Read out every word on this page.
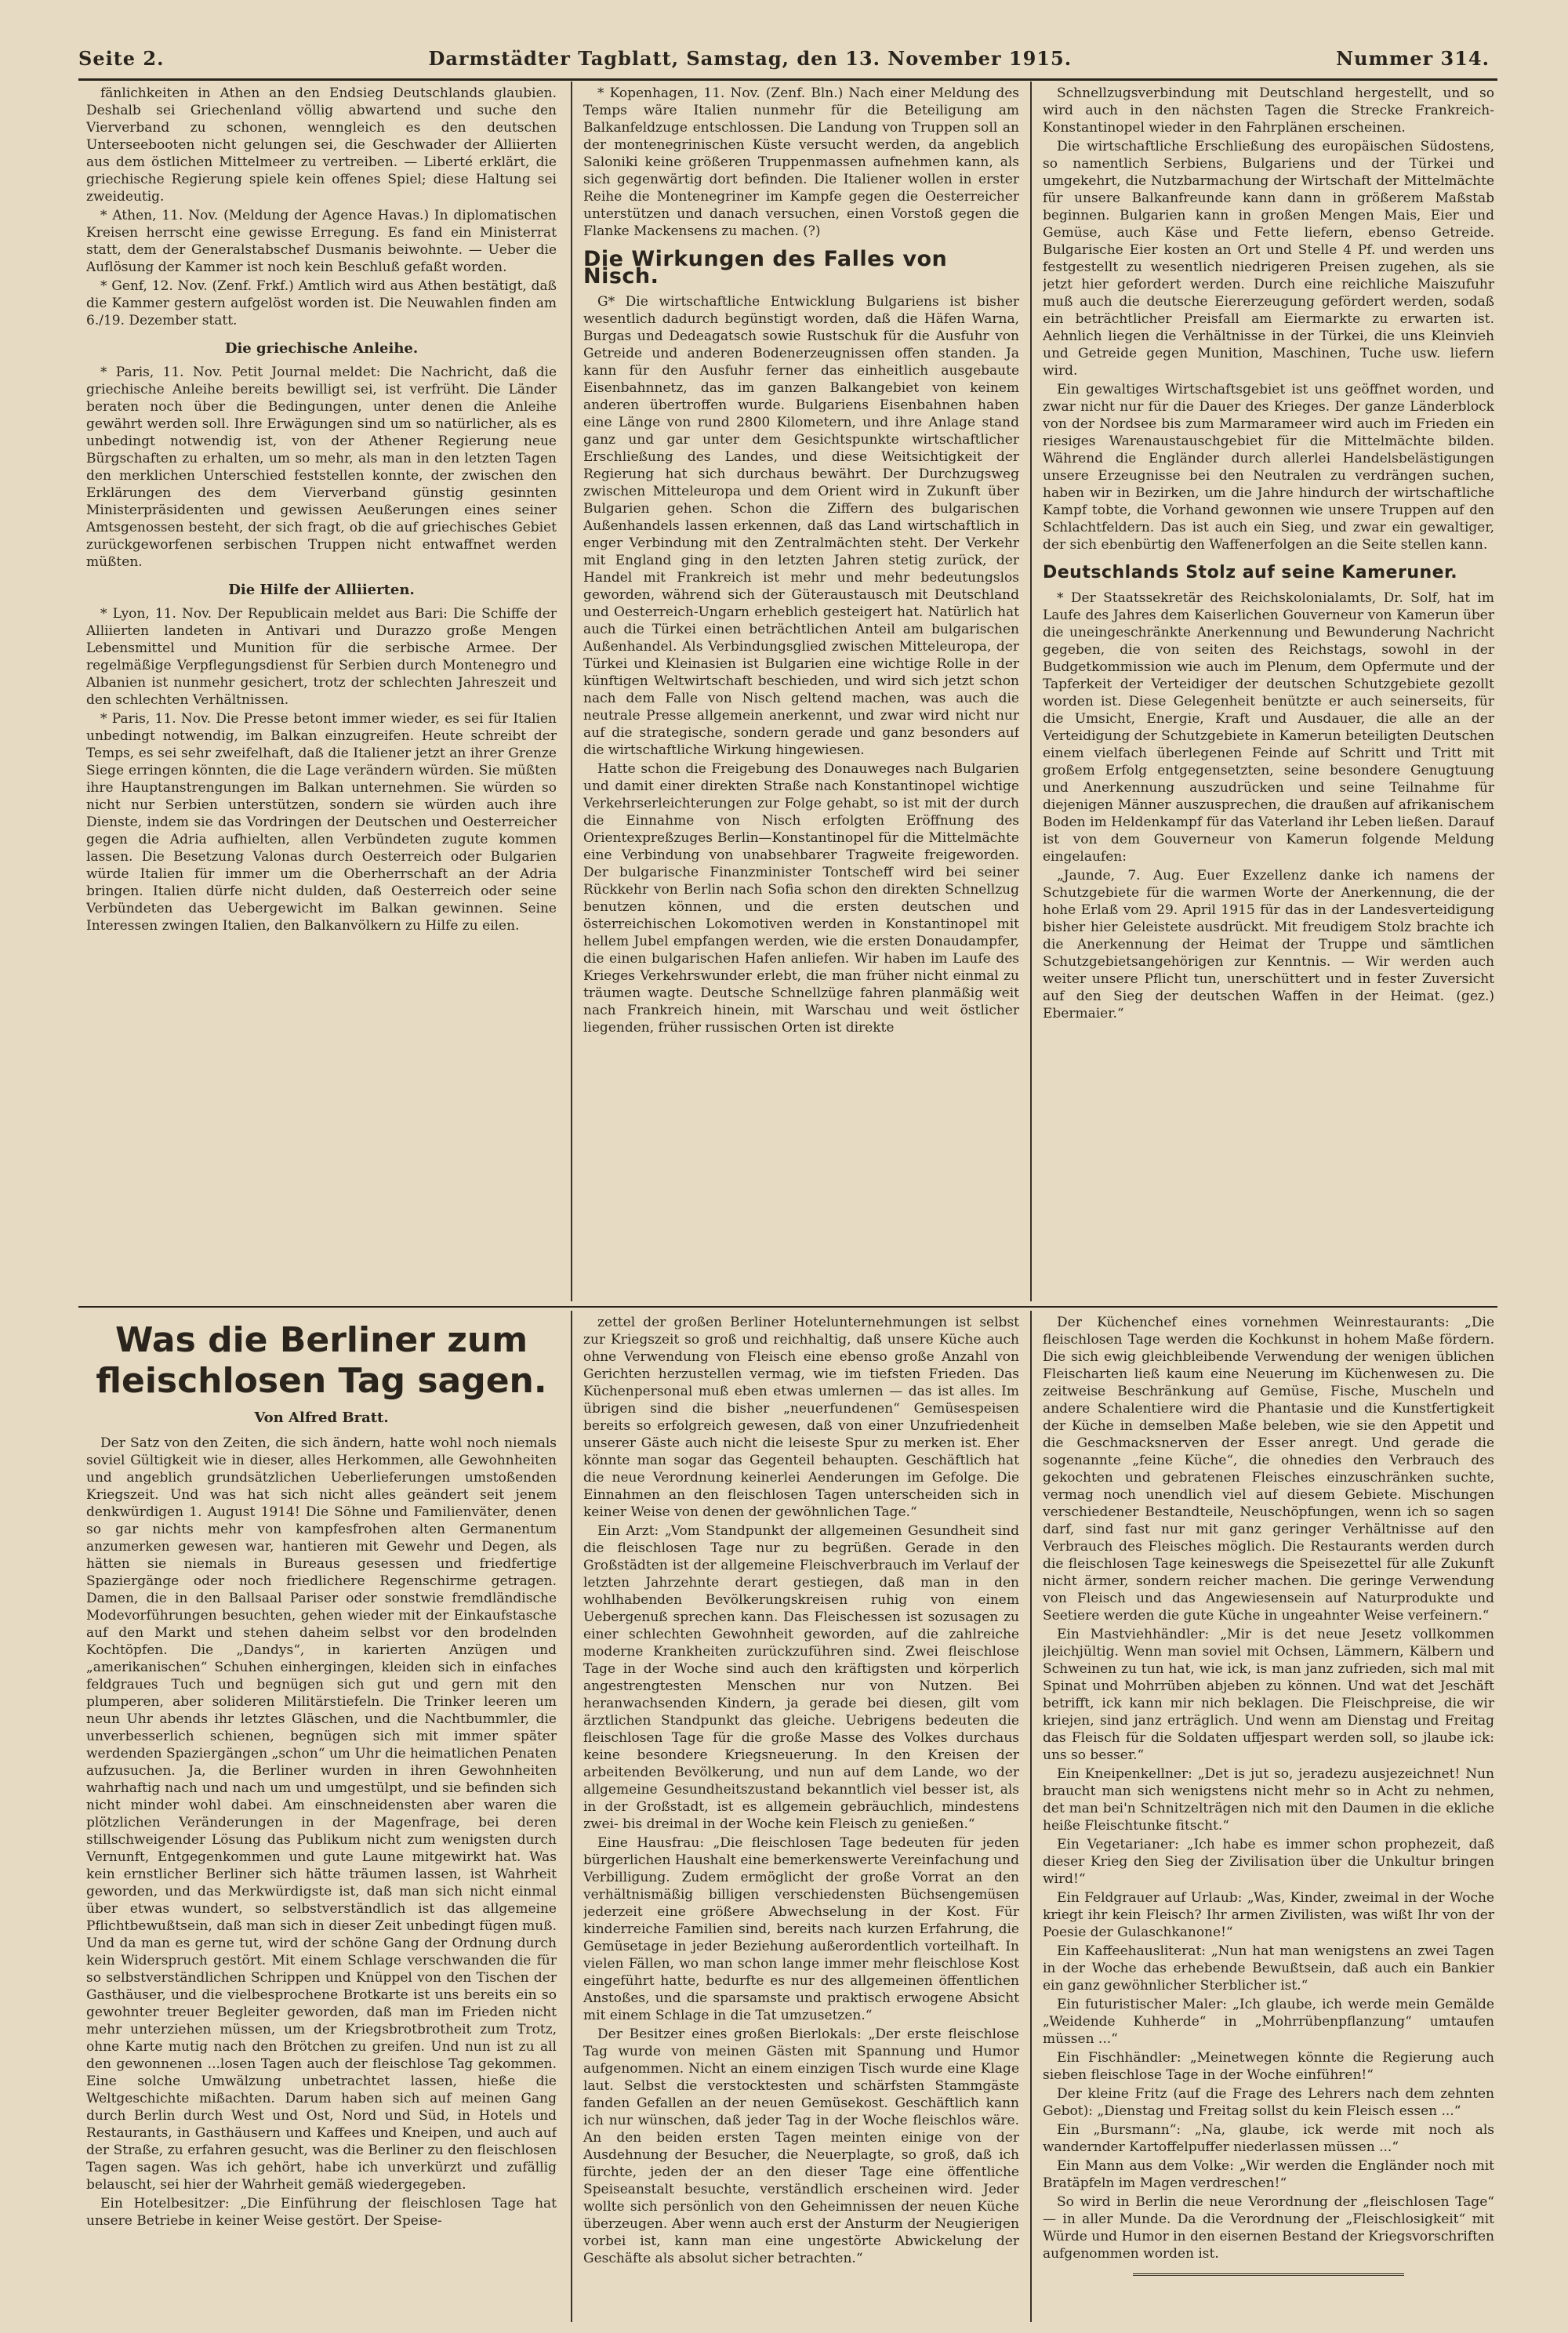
Seite 2.	Darmstädter Tagblatt, Samstag, den 13. November 1915.	Nummer 314.

fänlichkeiten in Athen an den Endsieg Deutschlands glaubien. Deshalb sei Griechenland völlig abwartend und suche den Vierverband zu schonen, wenngleich es den deutschen Unterseebooten nicht gelungen sei, die Geschwader der Alliierten aus dem östlichen Mittelmeer zu vertreiben. — Liberté erklärt, die griechische Regierung spiele kein offenes Spiel; diese Haltung sei zweideutig.

* Athen, 11. Nov. (Meldung der Agence Havas.) In diplomatischen Kreisen herrscht eine gewisse Erregung. Es fand ein Ministerrat statt, dem der Generalstabschef Dusmanis beiwohnte. — Ueber die Auflösung der Kammer ist noch kein Beschluß gefaßt worden.

* Genf, 12. Nov. (Zenf. Frkf.) Amtlich wird aus Athen bestätigt, daß die Kammer gestern aufgelöst worden ist. Die Neuwahlen finden am 6./19. Dezember statt.

Die griechische Anleihe.

* Paris, 11. Nov. Petit Journal meldet: Die Nachricht, daß die griechische Anleihe bereits bewilligt sei, ist verfrüht. Die Länder beraten noch über die Bedingungen, unter denen die Anleihe gewährt werden soll. Ihre Erwägungen sind um so natürlicher, als es unbedingt notwendig ist, von der Athener Regierung neue Bürgschaften zu erhalten, um so mehr, als man in den letzten Tagen den merklichen Unterschied feststellen konnte, der zwischen den Erklärungen des dem Vierverband günstig gesinnten Ministerpräsidenten und gewissen Aeußerungen eines seiner Amtsgenossen besteht, der sich fragt, ob die auf griechisches Gebiet zurückgeworfenen serbischen Truppen nicht entwaffnet werden müßten.

Die Hilfe der Alliierten.

* Lyon, 11. Nov. Der Republicain meldet aus Bari: Die Schiffe der Alliierten landeten in Antivari und Durazzo große Mengen Lebensmittel und Munition für die serbische Armee. Der regelmäßige Verpflegungsdienst für Serbien durch Montenegro und Albanien ist nunmehr gesichert, trotz der schlechten Jahreszeit und den schlechten Verhältnissen.

* Paris, 11. Nov. Die Presse betont immer wieder, es sei für Italien unbedingt notwendig, im Balkan einzugreifen. Heute schreibt der Temps, es sei sehr zweifelhaft, daß die Italiener jetzt an ihrer Grenze Siege erringen könnten, die die Lage verändern würden. Sie müßten ihre Hauptanstrengungen im Balkan unternehmen. Sie würden so nicht nur Serbien unterstützen, sondern sie würden auch ihre Dienste, indem sie das Vordringen der Deutschen und Oesterreicher gegen die Adria aufhielten, allen Verbündeten zugute kommen lassen. Die Besetzung Valonas durch Oesterreich oder Bulgarien würde Italien für immer um die Oberherrschaft an der Adria bringen. Italien dürfe nicht dulden, daß Oesterreich oder seine Verbündeten das Uebergewicht im Balkan gewinnen. Seine Interessen zwingen Italien, den Balkanvölkern zu Hilfe zu eilen.

* Kopenhagen, 11. Nov. (Zenf. Bln.) Nach einer Meldung des Temps wäre Italien nunmehr für die Beteiligung am Balkanfeldzuge entschlossen. Die Landung von Truppen soll an der montenegrinischen Küste versucht werden, da angeblich Saloniki keine größeren Truppenmassen aufnehmen kann, als sich gegenwärtig dort befinden. Die Italiener wollen in erster Reihe die Montenegriner im Kampfe gegen die Oesterreicher unterstützen und danach versuchen, einen Vorstoß gegen die Flanke Mackensens zu machen. (?)

Die Wirkungen des Falles von Nisch.

G* Die wirtschaftliche Entwicklung Bulgariens ist bisher wesentlich dadurch begünstigt worden, daß die Häfen Warna, Burgas und Dedeagatsch sowie Rustschuk für die Ausfuhr von Getreide und anderen Bodenerzeugnissen offen standen. Ja kann für den Ausfuhr ferner das einheitlich ausgebaute Eisenbahnnetz, das im ganzen Balkangebiet von keinem anderen übertroffen wurde. Bulgariens Eisenbahnen haben eine Länge von rund 2800 Kilometern, und ihre Anlage stand ganz und gar unter dem Gesichtspunkte wirtschaftlicher Erschließung des Landes, und diese Weitsichtigkeit der Regierung hat sich durchaus bewährt. Der Durchzugsweg zwischen Mitteleuropa und dem Orient wird in Zukunft über Bulgarien gehen. Schon die Ziffern des bulgarischen Außenhandels lassen erkennen, daß das Land wirtschaftlich in enger Verbindung mit den Zentralmächten steht. Der Verkehr mit England ging in den letzten Jahren stetig zurück, der Handel mit Frankreich ist mehr und mehr bedeutungslos geworden, während sich der Güteraustausch mit Deutschland und Oesterreich-Ungarn erheblich gesteigert hat. Natürlich hat auch die Türkei einen beträchtlichen Anteil am bulgarischen Außenhandel. Als Verbindungsglied zwischen Mitteleuropa, der Türkei und Kleinasien ist Bulgarien eine wichtige Rolle in der künftigen Weltwirtschaft beschieden, und wird sich jetzt schon nach dem Falle von Nisch geltend machen, was auch die neutrale Presse allgemein anerkennt, und zwar wird nicht nur auf die strategische, sondern gerade und ganz besonders auf die wirtschaftliche Wirkung hingewiesen.

Hatte schon die Freigebung des Donauweges nach Bulgarien und damit einer direkten Straße nach Konstantinopel wichtige Verkehrserleichterungen zur Folge gehabt, so ist mit der durch die Einnahme von Nisch erfolgten Eröffnung des Orientexpreßzuges Berlin—Konstantinopel für die Mittelmächte eine Verbindung von unabsehbarer Tragweite freigeworden. Der bulgarische Finanzminister Tontscheff wird bei seiner Rückkehr von Berlin nach Sofia schon den direkten Schnellzug benutzen können, und die ersten deutschen und österreichischen Lokomotiven werden in Konstantinopel mit hellem Jubel empfangen werden, wie die ersten Donaudampfer, die einen bulgarischen Hafen anliefen. Wir haben im Laufe des Krieges Verkehrswunder erlebt, die man früher nicht einmal zu träumen wagte. Deutsche Schnellzüge fahren planmäßig weit nach Frankreich hinein, mit Warschau und weit östlicher liegenden, früher russischen Orten ist direkte

Schnellzugsverbindung mit Deutschland hergestellt, und so wird auch in den nächsten Tagen die Strecke Frankreich-Konstantinopel wieder in den Fahrplänen erscheinen.

Die wirtschaftliche Erschließung des europäischen Südostens, so namentlich Serbiens, Bulgariens und der Türkei und umgekehrt, die Nutzbarmachung der Wirtschaft der Mittelmächte für unsere Balkanfreunde kann dann in größerem Maßstab beginnen. Bulgarien kann in großen Mengen Mais, Eier und Gemüse, auch Käse und Fette liefern, ebenso Getreide. Bulgarische Eier kosten an Ort und Stelle 4 Pf. und werden uns festgestellt zu wesentlich niedrigeren Preisen zugehen, als sie jetzt hier gefordert werden. Durch eine reichliche Maiszufuhr muß auch die deutsche Eiererzeugung gefördert werden, sodaß ein beträchtlicher Preisfall am Eiermarkte zu erwarten ist. Aehnlich liegen die Verhältnisse in der Türkei, die uns Kleinvieh und Getreide gegen Munition, Maschinen, Tuche usw. liefern wird.

Ein gewaltiges Wirtschaftsgebiet ist uns geöffnet worden, und zwar nicht nur für die Dauer des Krieges. Der ganze Länderblock von der Nordsee bis zum Marmarameer wird auch im Frieden ein riesiges Warenaustauschgebiet für die Mittelmächte bilden. Während die Engländer durch allerlei Handelsbelästigungen unsere Erzeugnisse bei den Neutralen zu verdrängen suchen, haben wir in Bezirken, um die Jahre hindurch der wirtschaftliche Kampf tobte, die Vorhand gewonnen wie unsere Truppen auf den Schlachtfeldern. Das ist auch ein Sieg, und zwar ein gewaltiger, der sich ebenbürtig den Waffenerfolgen an die Seite stellen kann.

Deutschlands Stolz auf seine Kameruner.

* Der Staatssekretär des Reichskolonialamts, Dr. Solf, hat im Laufe des Jahres dem Kaiserlichen Gouverneur von Kamerun über die uneingeschränkte Anerkennung und Bewunderung Nachricht gegeben, die von seiten des Reichstags, sowohl in der Budgetkommission wie auch im Plenum, dem Opfermute und der Tapferkeit der Verteidiger der deutschen Schutzgebiete gezollt worden ist. Diese Gelegenheit benützte er auch seinerseits, für die Umsicht, Energie, Kraft und Ausdauer, die alle an der Verteidigung der Schutzgebiete in Kamerun beteiligten Deutschen einem vielfach überlegenen Feinde auf Schritt und Tritt mit großem Erfolg entgegensetzten, seine besondere Genugtuung und Anerkennung auszudrücken und seine Teilnahme für diejenigen Männer auszusprechen, die draußen auf afrikanischem Boden im Heldenkampf für das Vaterland ihr Leben ließen. Darauf ist von dem Gouverneur von Kamerun folgende Meldung eingelaufen:

„Jaunde, 7. Aug. Euer Exzellenz danke ich namens der Schutzgebiete für die warmen Worte der Anerkennung, die der hohe Erlaß vom 29. April 1915 für das in der Landesverteidigung bisher hier Geleistete ausdrückt. Mit freudigem Stolz brachte ich die Anerkennung der Heimat der Truppe und sämtlichen Schutzgebietsangehörigen zur Kenntnis. — Wir werden auch weiter unsere Pflicht tun, unerschüttert und in fester Zuversicht auf den Sieg der deutschen Waffen in der Heimat. (gez.) Ebermaier.“

Was die Berliner zum fleischlosen Tag sagen.
Von Alfred Bratt.

Der Satz von den Zeiten, die sich ändern, hatte wohl noch niemals soviel Gültigkeit wie in dieser, alles Herkommen, alle Gewohnheiten und angeblich grundsätzlichen Ueberlieferungen umstoßenden Kriegszeit. Und was hat sich nicht alles geändert seit jenem denkwürdigen 1. August 1914! Die Söhne und Familienväter, denen so gar nichts mehr von kampfesfrohen alten Germanentum anzumerken gewesen war, hantieren mit Gewehr und Degen, als hätten sie niemals in Bureaus gesessen und friedfertige Spaziergänge oder noch friedlichere Regenschirme getragen. Damen, die in den Ballsaal Pariser oder sonstwie fremdländische Modevorführungen besuchten, gehen wieder mit der Einkaufstasche auf den Markt und stehen daheim selbst vor den brodelnden Kochtöpfen. Die „Dandys“, in karierten Anzügen und „amerikanischen“ Schuhen einhergingen, kleiden sich in einfaches feldgraues Tuch und begnügen sich gut und gern mit den plumperen, aber solideren Militärstiefeln. Die Trinker leeren um neun Uhr abends ihr letztes Gläschen, und die Nachtbummler, die unverbesserlich schienen, begnügen sich mit immer später werdenden Spaziergängen „schon“ um Uhr die heimatlichen Penaten aufzusuchen. Ja, die Berliner wurden in ihren Gewohnheiten wahrhaftig nach und nach um und umgestülpt, und sie befinden sich nicht minder wohl dabei. Am einschneidensten aber waren die plötzlichen Veränderungen in der Magenfrage, bei deren stillschweigender Lösung das Publikum nicht zum wenigsten durch Vernunft, Entgegenkommen und gute Laune mitgewirkt hat. Was kein ernstlicher Berliner sich hätte träumen lassen, ist Wahrheit geworden, und das Merkwürdigste ist, daß man sich nicht einmal über etwas wundert, so selbstverständlich ist das allgemeine Pflichtbewußtsein, daß man sich in dieser Zeit unbedingt fügen muß. Und da man es gerne tut, wird der schöne Gang der Ordnung durch kein Widerspruch gestört. Mit einem Schlage verschwanden die für so selbstverständlichen Schrippen und Knüppel von den Tischen der Gasthäuser, und die vielbesprochene Brotkarte ist uns bereits ein so gewohnter treuer Begleiter geworden, daß man im Frieden nicht mehr unterziehen müssen, um der Kriegsbrotbrotheit zum Trotz, ohne Karte mutig nach den Brötchen zu greifen. Und nun ist zu all den gewonnenen ...losen Tagen auch der fleischlose Tag gekommen. Eine solche Umwälzung unbetrachtet lassen, hieße die Weltgeschichte mißachten. Darum haben sich auf meinen Gang durch Berlin durch West und Ost, Nord und Süd, in Hotels und Restaurants, in Gasthäusern und Kaffees und Kneipen, und auch auf der Straße, zu erfahren gesucht, was die Berliner zu den fleischlosen Tagen sagen. Was ich gehört, habe ich unverkürzt und zufällig belauscht, sei hier der Wahrheit gemäß wiedergegeben.

Ein Hotelbesitzer: „Die Einführung der fleischlosen Tage hat unsere Betriebe in keiner Weise gestört. Der Speise-

zettel der großen Berliner Hotelunternehmungen ist selbst zur Kriegszeit so groß und reichhaltig, daß unsere Küche auch ohne Verwendung von Fleisch eine ebenso große Anzahl von Gerichten herzustellen vermag, wie im tiefsten Frieden. Das Küchenpersonal muß eben etwas umlernen — das ist alles. Im übrigen sind die bisher „neuerfundenen“ Gemüsespeisen bereits so erfolgreich gewesen, daß von einer Unzufriedenheit unserer Gäste auch nicht die leiseste Spur zu merken ist. Eher könnte man sogar das Gegenteil behaupten. Geschäftlich hat die neue Verordnung keinerlei Aenderungen im Gefolge. Die Einnahmen an den fleischlosen Tagen unterscheiden sich in keiner Weise von denen der gewöhnlichen Tage.“

Ein Arzt: „Vom Standpunkt der allgemeinen Gesundheit sind die fleischlosen Tage nur zu begrüßen. Gerade in den Großstädten ist der allgemeine Fleischverbrauch im Verlauf der letzten Jahrzehnte derart gestiegen, daß man in den wohlhabenden Bevölkerungskreisen ruhig von einem Uebergenuß sprechen kann. Das Fleischessen ist sozusagen zu einer schlechten Gewohnheit geworden, auf die zahlreiche moderne Krankheiten zurückzuführen sind. Zwei fleischlose Tage in der Woche sind auch den kräftigsten und körperlich angestrengtesten Menschen nur von Nutzen. Bei heranwachsenden Kindern, ja gerade bei diesen, gilt vom ärztlichen Standpunkt das gleiche. Uebrigens bedeuten die fleischlosen Tage für die große Masse des Volkes durchaus keine besondere Kriegsneuerung. In den Kreisen der arbeitenden Bevölkerung, und nun auf dem Lande, wo der allgemeine Gesundheitszustand bekanntlich viel besser ist, als in der Großstadt, ist es allgemein gebräuchlich, mindestens zwei- bis dreimal in der Woche kein Fleisch zu genießen.“

Eine Hausfrau: „Die fleischlosen Tage bedeuten für jeden bürgerlichen Haushalt eine bemerkenswerte Vereinfachung und Verbilligung. Zudem ermöglicht der große Vorrat an den verhältnismäßig billigen verschiedensten Büchsengemüsen jederzeit eine größere Abwechselung in der Kost. Für kinderreiche Familien sind, bereits nach kurzen Erfahrung, die Gemüsetage in jeder Beziehung außerordentlich vorteilhaft. In vielen Fällen, wo man schon lange immer mehr fleischlose Kost eingeführt hatte, bedurfte es nur des allgemeinen öffentlichen Anstoßes, und die sparsamste und praktisch erwogene Absicht mit einem Schlage in die Tat umzusetzen.“

Der Besitzer eines großen Bierlokals: „Der erste fleischlose Tag wurde von meinen Gästen mit Spannung und Humor aufgenommen. Nicht an einem einzigen Tisch wurde eine Klage laut. Selbst die verstocktesten und schärfsten Stammgäste fanden Gefallen an der neuen Gemüsekost. Geschäftlich kann ich nur wünschen, daß jeder Tag in der Woche fleischlos wäre. An den beiden ersten Tagen meinten einige von der Ausdehnung der Besucher, die Neuerplagte, so groß, daß ich fürchte, jeden der an den dieser Tage eine öffentliche Speiseanstalt besuchte, verständlich erscheinen wird. Jeder wollte sich persönlich von den Geheimnissen der neuen Küche überzeugen. Aber wenn auch erst der Ansturm der Neugierigen vorbei ist, kann man eine ungestörte Abwickelung der Geschäfte als absolut sicher betrachten.“

Der Küchenchef eines vornehmen Weinrestaurants: „Die fleischlosen Tage werden die Kochkunst in hohem Maße fördern. Die sich ewig gleichbleibende Verwendung der wenigen üblichen Fleischarten ließ kaum eine Neuerung im Küchenwesen zu. Die zeitweise Beschränkung auf Gemüse, Fische, Muscheln und andere Schalentiere wird die Phantasie und die Kunstfertigkeit der Küche in demselben Maße beleben, wie sie den Appetit und die Geschmacksnerven der Esser anregt. Und gerade die sogenannte „feine Küche“, die ohnedies den Verbrauch des gekochten und gebratenen Fleisches einzuschränken suchte, vermag noch unendlich viel auf diesem Gebiete. Mischungen verschiedener Bestandteile, Neuschöpfungen, wenn ich so sagen darf, sind fast nur mit ganz geringer Verhältnisse auf den Verbrauch des Fleisches möglich. Die Restaurants werden durch die fleischlosen Tage keineswegs die Speisezettel für alle Zukunft nicht ärmer, sondern reicher machen. Die geringe Verwendung von Fleisch und das Angewiesensein auf Naturprodukte und Seetiere werden die gute Küche in ungeahnter Weise verfeinern.“

Ein Mastviehhändler: „Mir is det neue Jesetz vollkommen jleichjültig. Wenn man soviel mit Ochsen, Lämmern, Kälbern und Schweinen zu tun hat, wie ick, is man janz zufrieden, sich mal mit Spinat und Mohrrüben abjeben zu können. Und wat det Jeschäft betrifft, ick kann mir nich beklagen. Die Fleischpreise, die wir kriejen, sind janz erträglich. Und wenn am Dienstag und Freitag das Fleisch für die Soldaten uffjespart werden soll, so jlaube ick: uns so besser.“

Ein Kneipenkellner: „Det is jut so, jeradezu ausjezeichnet! Nun braucht man sich wenigstens nicht mehr so in Acht zu nehmen, det man bei'n Schnitzelträgen nich mit den Daumen in die ekliche heiße Fleischtunke fitscht.“

Ein Vegetarianer: „Ich habe es immer schon prophezeit, daß dieser Krieg den Sieg der Zivilisation über die Unkultur bringen wird!“

Ein Feldgrauer auf Urlaub: „Was, Kinder, zweimal in der Woche kriegt ihr kein Fleisch? Ihr armen Zivilisten, was wißt Ihr von der Poesie der Gulaschkanone!“

Ein Kaffeehausliterat: „Nun hat man wenigstens an zwei Tagen in der Woche das erhebende Bewußtsein, daß auch ein Bankier ein ganz gewöhnlicher Sterblicher ist.“

Ein futuristischer Maler: „Ich glaube, ich werde mein Gemälde „Weidende Kuhherde“ in „Mohrrübenpflanzung“ umtaufen müssen ...“

Ein Fischhändler: „Meinetwegen könnte die Regierung auch sieben fleischlose Tage in der Woche einführen!“

Der kleine Fritz (auf die Frage des Lehrers nach dem zehnten Gebot): „Dienstag und Freitag sollst du kein Fleisch essen ...“

Ein „Bursmann“: „Na, glaube, ick werde mit noch als wandernder Kartoffelpuffer niederlassen müssen ...“

Ein Mann aus dem Volke: „Wir werden die Engländer noch mit Bratäpfeln im Magen verdreschen!“

So wird in Berlin die neue Verordnung der „fleischlosen Tage“ — in aller Munde. Da die Verordnung der „Fleischlosigkeit“ mit Würde und Humor in den eisernen Bestand der Kriegsvorschriften aufgenommen worden ist.
